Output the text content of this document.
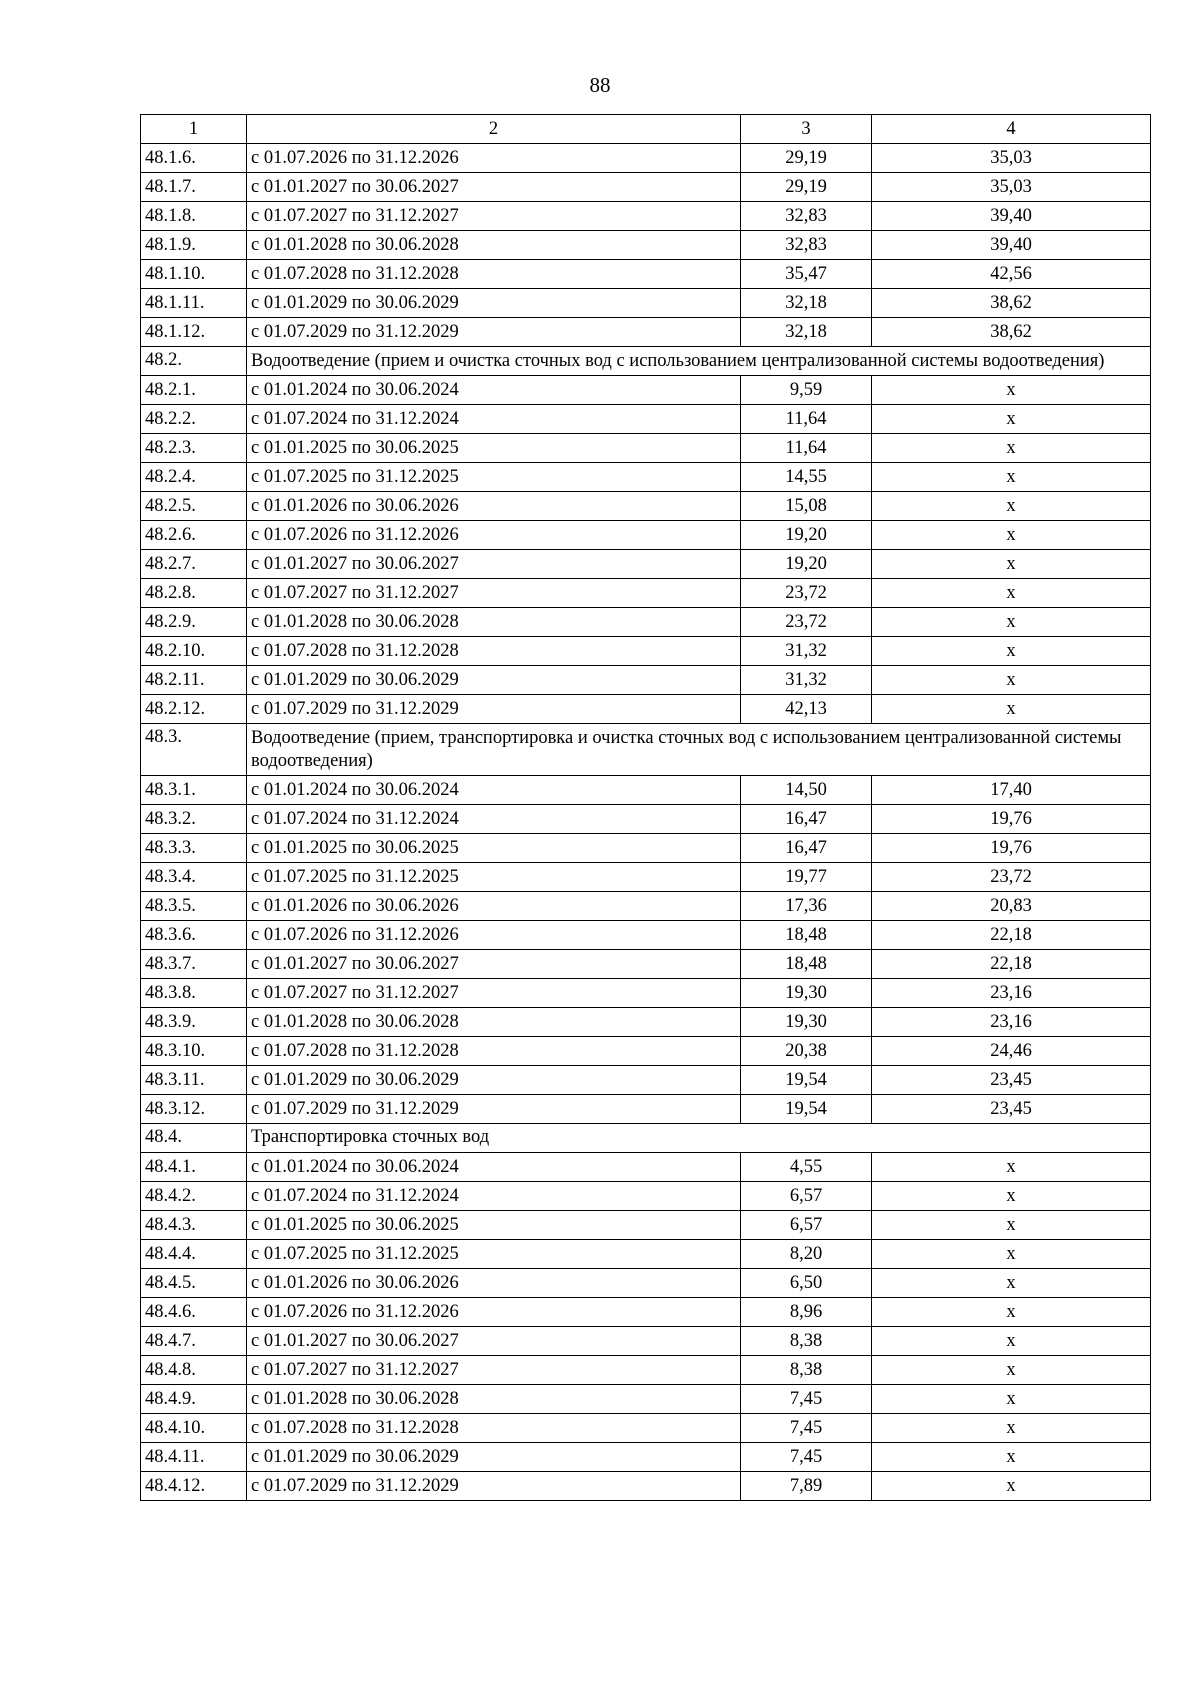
88
1	2	3	4
48.1.6.	с 01.07.2026 по 31.12.2026	29,19	35,03
48.1.7.	с 01.01.2027 по 30.06.2027	29,19	35,03
48.1.8.	с 01.07.2027 по 31.12.2027	32,83	39,40
48.1.9.	с 01.01.2028 по 30.06.2028	32,83	39,40
48.1.10.	с 01.07.2028 по 31.12.2028	35,47	42,56
48.1.11.	с 01.01.2029 по 30.06.2029	32,18	38,62
48.1.12.	с 01.07.2029 по 31.12.2029	32,18	38,62
48.2.	Водоотведение (прием и очистка сточных вод с использованием централизованной системы водоотведения)		
48.2.1.	с 01.01.2024 по 30.06.2024	9,59	х
48.2.2.	с 01.07.2024 по 31.12.2024	11,64	х
48.2.3.	с 01.01.2025 по 30.06.2025	11,64	х
48.2.4.	с 01.07.2025 по 31.12.2025	14,55	х
48.2.5.	с 01.01.2026 по 30.06.2026	15,08	х
48.2.6.	с 01.07.2026 по 31.12.2026	19,20	х
48.2.7.	с 01.01.2027 по 30.06.2027	19,20	х
48.2.8.	с 01.07.2027 по 31.12.2027	23,72	х
48.2.9.	с 01.01.2028 по 30.06.2028	23,72	х
48.2.10.	с 01.07.2028 по 31.12.2028	31,32	х
48.2.11.	с 01.01.2029 по 30.06.2029	31,32	х
48.2.12.	с 01.07.2029 по 31.12.2029	42,13	х
48.3.	Водоотведение (прием, транспортировка и очистка сточных вод с использованием централизованной системы водоотведения)		
48.3.1.	с 01.01.2024 по 30.06.2024	14,50	17,40
48.3.2.	с 01.07.2024 по 31.12.2024	16,47	19,76
48.3.3.	с 01.01.2025 по 30.06.2025	16,47	19,76
48.3.4.	с 01.07.2025 по 31.12.2025	19,77	23,72
48.3.5.	с 01.01.2026 по 30.06.2026	17,36	20,83
48.3.6.	с 01.07.2026 по 31.12.2026	18,48	22,18
48.3.7.	с 01.01.2027 по 30.06.2027	18,48	22,18
48.3.8.	с 01.07.2027 по 31.12.2027	19,30	23,16
48.3.9.	с 01.01.2028 по 30.06.2028	19,30	23,16
48.3.10.	с 01.07.2028 по 31.12.2028	20,38	24,46
48.3.11.	с 01.01.2029 по 30.06.2029	19,54	23,45
48.3.12.	с 01.07.2029 по 31.12.2029	19,54	23,45
48.4.	Транспортировка сточных вод		
48.4.1.	с 01.01.2024 по 30.06.2024	4,55	х
48.4.2.	с 01.07.2024 по 31.12.2024	6,57	х
48.4.3.	с 01.01.2025 по 30.06.2025	6,57	х
48.4.4.	с 01.07.2025 по 31.12.2025	8,20	х
48.4.5.	с 01.01.2026 по 30.06.2026	6,50	х
48.4.6.	с 01.07.2026 по 31.12.2026	8,96	х
48.4.7.	с 01.01.2027 по 30.06.2027	8,38	х
48.4.8.	с 01.07.2027 по 31.12.2027	8,38	х
48.4.9.	с 01.01.2028 по 30.06.2028	7,45	х
48.4.10.	с 01.07.2028 по 31.12.2028	7,45	х
48.4.11.	с 01.01.2029 по 30.06.2029	7,45	х
48.4.12.	с 01.07.2029 по 31.12.2029	7,89	х
